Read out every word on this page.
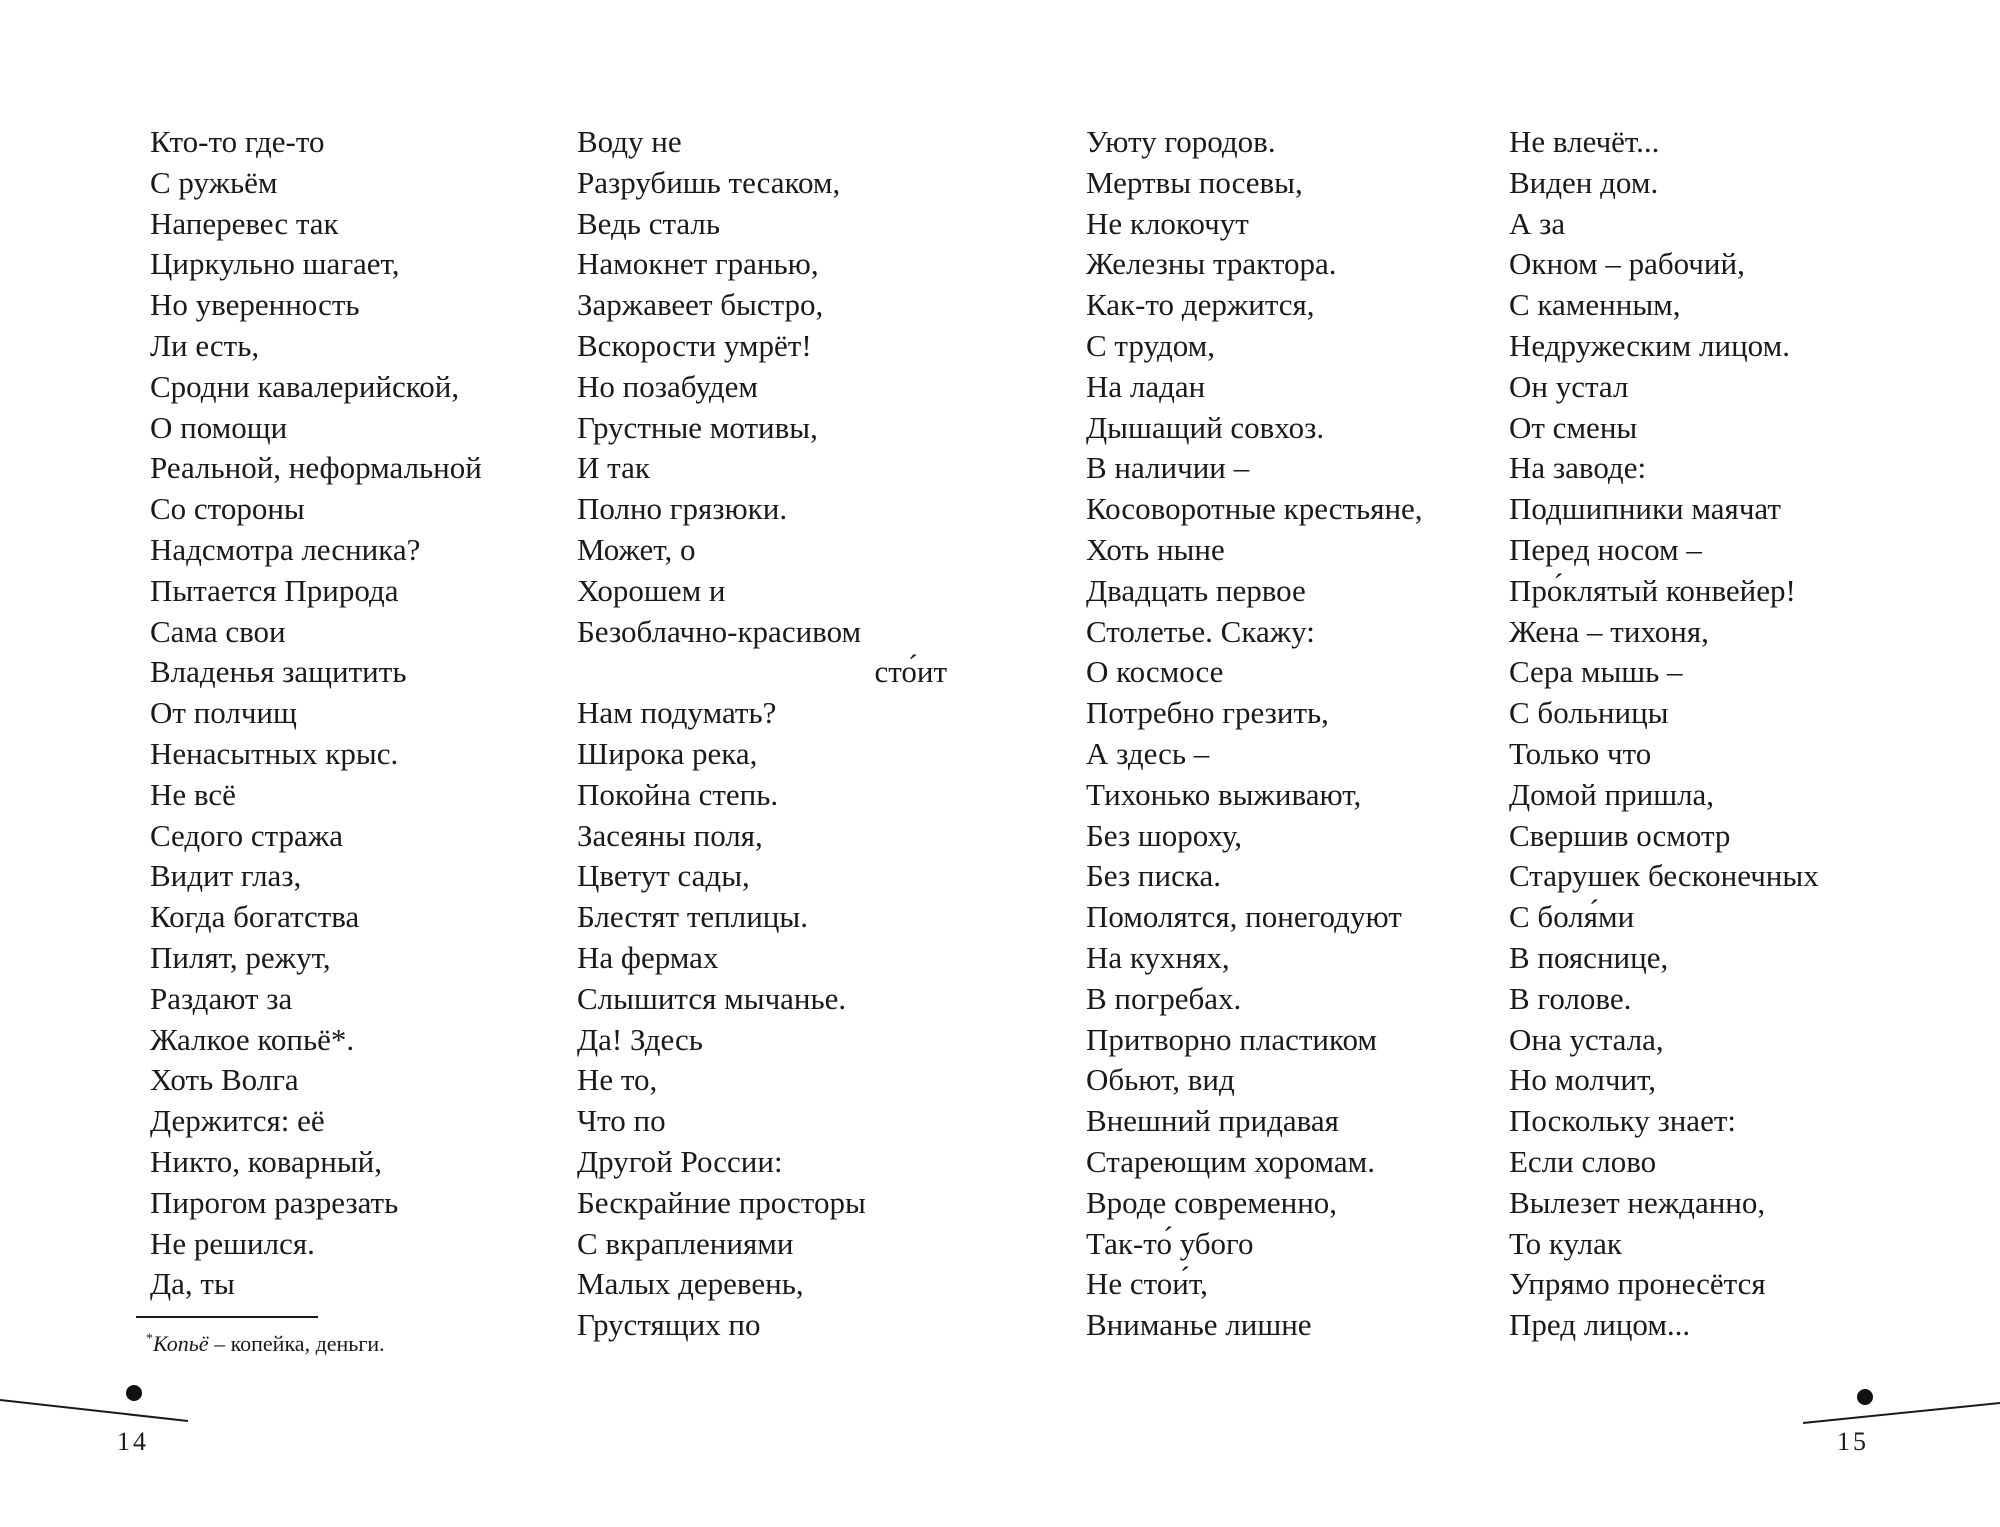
Кто-то где-то
С ружьём
Наперевес так
Циркульно шагает,
Но уверенность
Ли есть,
Сродни кавалерийской,
О помощи
Реальной, неформальной
Со стороны
Надсмотра лесника?
Пытается Природа
Сама свои
Владенья защитить
От полчищ
Ненасытных крыс.
Не всё
Седого стража
Видит глаз,
Когда богатства
Пилят, режут,
Раздают за
Жалкое копьё*.
Хоть Волга
Держится: её
Никто, коварный,
Пирогом разрезать
Не решился.
Да, ты
Воду не
Разрубишь тесаком,
Ведь сталь
Намокнет гранью,
Заржавеет быстро,
Вскорости умрёт!
Но позабудем
Грустные мотивы,
И так
Полно грязюки.
Может, о
Хорошем и
Безоблачно-красивом
сто́ит
Нам подумать?
Широка река,
Покойна степь.
Засеяны поля,
Цветут сады,
Блестят теплицы.
На фермах
Слышится мычанье.
Да! Здесь
Не то,
Что по
Другой России:
Бескрайние просторы
С вкраплениями
Малых деревень,
Грустящих по
Уюту городов.
Мертвы посевы,
Не клокочут
Железны трактора.
Как-то держится,
С трудом,
На ладан
Дышащий совхоз.
В наличии –
Косоворотные крестьяне,
Хоть ныне
Двадцать первое
Столетье. Скажу:
О космосе
Потребно грезить,
А здесь –
Тихонько выживают,
Без шороху,
Без писка.
Помолятся, понегодуют
На кухнях,
В погребах.
Притворно пластиком
Обьют, вид
Внешний придавая
Стареющим хоромам.
Вроде современно,
Так-то́ убого
Не стои́т,
Вниманье лишне
Не влечёт...
Виден дом.
А за
Окном – рабочий,
С каменным,
Недружеским лицом.
Он устал
От смены
На заводе:
Подшипники маячат
Перед носом –
Про́клятый конвейер!
Жена – тихоня,
Сера мышь –
С больницы
Только что
Домой пришла,
Свершив осмотр
Старушек бесконечных
С боля́ми
В пояснице,
В голове.
Она устала,
Но молчит,
Поскольку знает:
Если слово
Вылезет нежданно,
То кулак
Упрямо пронесётся
Пред лицом...
*Копьё – копейка, деньги.
14	15
